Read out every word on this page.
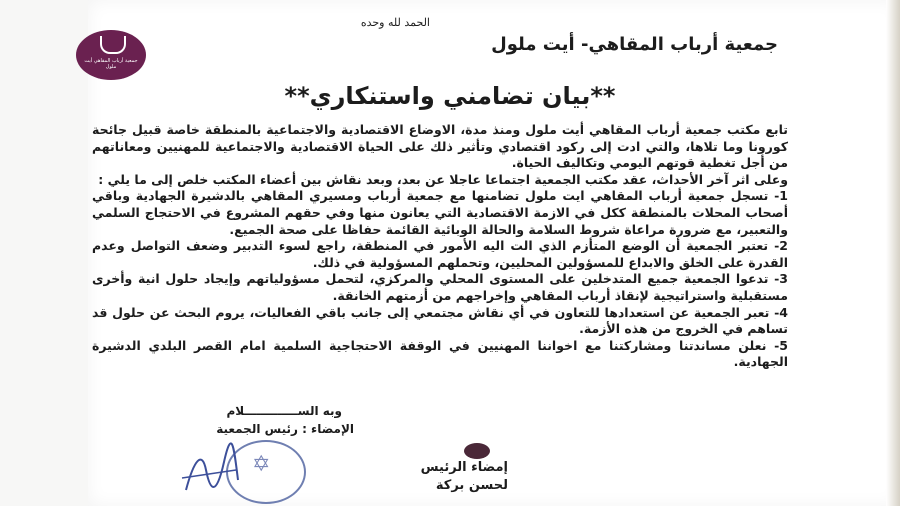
جمعية أرباب المقاهي أيت ملول
الحمد لله وحده
جمعية أرباب المقاهي- أيت ملول
**بيان تضامني واستنكاري**

تابع مكتب جمعية أرباب المقاهي أيت ملول ومنذ مدة، الاوضاع الاقتصادية والاجتماعية بالمنطقة خاصة قبيل جائحة كورونا وما تلاها، والتي ادت إلى ركود اقتصادي وتأثير ذلك على الحياة الاقتصادية والاجتماعية للمهنيين ومعاناتهم من أجل تغطية قوتهم اليومي وتكاليف الحياة.

وعلى اثر آخر الأحداث، عقد مكتب الجمعية اجتماعا عاجلا عن بعد، وبعد نقاش بين أعضاء المكتب خلص إلى ما يلي :

1- تسجل جمعية أرباب المقاهي ايت ملول تضامنها مع جمعية أرباب ومسيري المقاهي بالدشيرة الجهادية وباقي أصحاب المحلات بالمنطقة ككل في الازمة الاقتصادية التي يعانون منها وفي حقهم المشروع في الاحتجاج السلمي والتعبير، مع ضرورة مراعاة شروط السلامة والحالة الوبائية القائمة حفاظا على صحة الجميع.

2- تعتبر الجمعية أن الوضع المتأزم الذي الت اليه الأمور في المنطقة، راجع لسوء التدبير وضعف التواصل وعدم القدرة على الخلق والابداع للمسؤولين المحليين، وتحملهم المسؤولية في ذلك.

3- تدعوا الجمعية جميع المتدخلين على المستوى المحلي والمركزي، لتحمل مسؤولياتهم وإيجاد حلول انية وأخرى مستقبلية واستراتيجية لإنقاذ أرباب المقاهي وإخراجهم من أزمتهم الخانقة.

4- تعبر الجمعية عن استعدادها للتعاون في أي نقاش مجتمعي إلى جانب باقي الفعاليات، يروم البحث عن حلول قد تساهم في الخروج من هذه الأزمة.

5- نعلن مساندتنا ومشاركتنا مع اخواننا المهنيين في الوقفة الاحتجاجية السلمية امام القصر البلدي الدشيرة الجهادية.

وبه الســـــــــــــلام
الإمضاء : رئيس الجمعية
✡	إمضاء الرئيس
لحسن بركة
